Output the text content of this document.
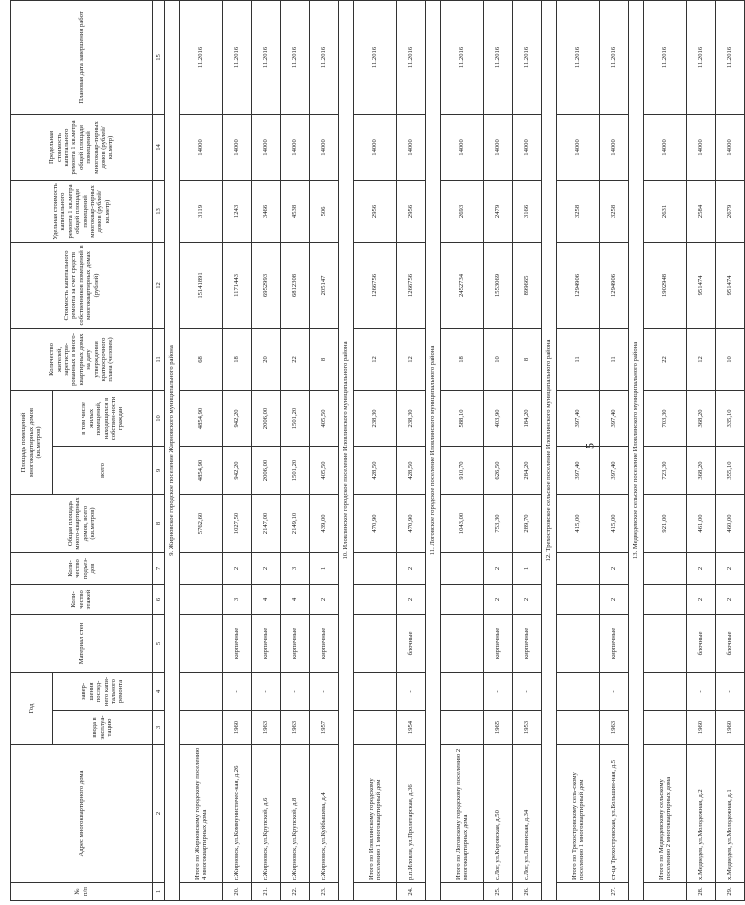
5
№ п/п	Адрес многоквартирного дома	Год		Материал стен	Коли-чество этажей	Коли-чество подъез-дов	Общая площадь много-квартирных домов, всего (кв.метров)	Площадь помещений многоквартирных домов (кв.метров)		Количество жителей, зарегистри-рованных в много-квартирных домах на дату утверждения краткосрочного плана (человек)	Стоимость капитального ремонта за счет средств собственников помещений в многоквартирных домах (рублей)	Удельная стоимость капитального ремонта 1 кв.метра общей площади помещений многоквар-тирных домов (рублей/ кв.метр)	Предельная стоимость капитального ремонта 1 кв.метра общей площади помещений многоквар-тирных домов (рублей/ кв.метр)	Плановая дата завершения работ
		ввода в эксплуа-тацию	завер-шения послед-него капи-тального ремонта					всего	в том числе жилых помещений, находящихся в собствен-ности граждан					
1	2	3	4	5	6	7	8	9	10	11	12	13	14	15
9. Жирновское городское поселение Жирновского муниципального района														
	Итого по Жирновскому городскому поселению 4 многоквартирных дома						5762,60	4854,90	4854,90	68	15141891	3119	14000	11.2016
20.	г.Жирновск, ул.Коммунистичес-кая, д.26	1960	-	кирпичные	3	2	1027,50	942,20	942,20	18	1171443	1243	14000	11.2016
21.	г.Жирновск, ул.Крупской, д.6	1963	-	кирпичные	4	2	2147,00	2006,00	2006,00	20	6952993	3466	14000	11.2016
22.	г.Жирновск, ул.Крупской, д.8	1963	-	кирпичные	4	3	2149,10	1501,20	1501,20	22	6812308	4538	14000	11.2016
23.	г.Жирновск, ул.Куйбышева, д.4	1957	-	кирпичные	2	1	439,00	405,50	405,50	8	205147	506	14000	11.2016
10. Иловлинское городское поселение Иловлинского муниципального района														
	Итого по Иловлинскому городскому поселению 1 многоквартирный дом						470,90	428,50	238,30	12	1266756	2956	14000	11.2016
24.	р.п.Иловля, ул.Пролетарская, д.36	1954	-	блочные	2	2	470,90	428,50	238,30	12	1266756	2956	14000	11.2016
11. Логовское городское поселение Иловлинского муниципального района														
	Итого по Логовскому городскому поселению 2 многоквартирных дома						1043,00	910,70	588,10	18	2452734	2693	14000	11.2016
25.	с.Лог, ул.Кировская, д.50	1965	-	кирпичные	2	2	753,30	626,50	403,90	10	1553069	2479	14000	11.2016
26.	с.Лог, ул.Ленинская, д.34	1953	-	кирпичные	2	1	289,70	284,20	184,20	8	899665	3166	14000	11.2016
12. Трехостровское сельское поселение Иловлинского муниципального района														
	Итого по Трехостровскому сель-скому поселению 1 многоквартирный дом						415,00	397,40	397,40	11	1294906	3258	14000	11.2016
27.	ст-ца Трехостровская, ул.Большин-ная, д.5	1963	-	кирпичные	2	2	415,00	397,40	397,40	11	1294906	3258	14000	11.2016
13. Медведевское сельское поселение Иловлинского муниципального района														
	Итого по Медведевскому сельскому поселению 2 многоквартирных дома						921,00	723,30	703,30	22	1902948	2631	14000	11.2016
28.	х.Медведев, ул.Молодежная, д.2	1960	-	блочные	2	2	461,00	368,20	368,20	12	951474	2584	14000	11.2016
29.	х.Медведев, ул.Молодежная, д.1	1960	-	блочные	2	2	460,00	355,10	335,10	10	951474	2679	14000	11.2016
